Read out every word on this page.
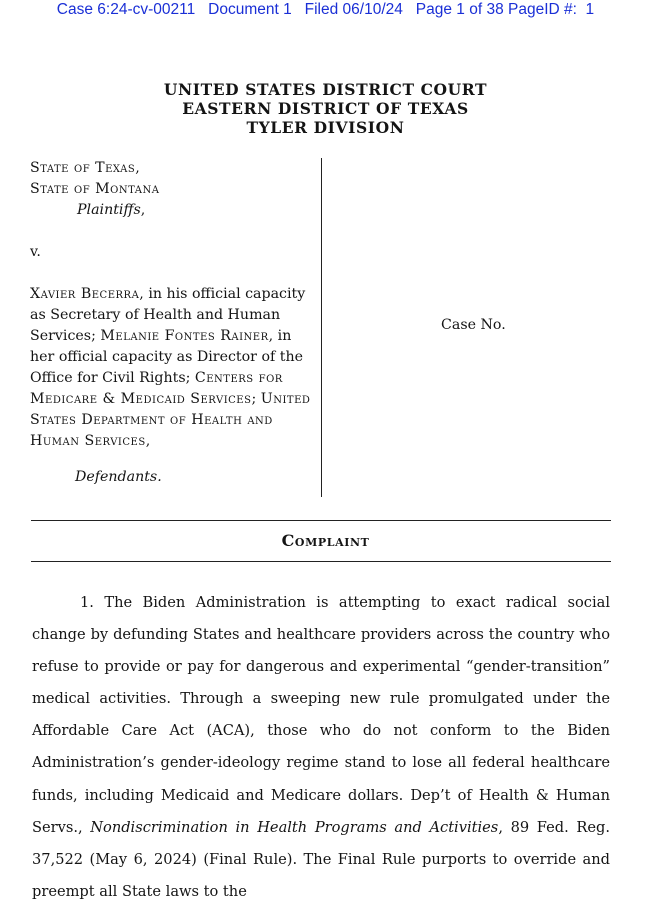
Case 6:24-cv-00211   Document 1   Filed 06/10/24   Page 1 of 38 PageID #:  1
UNITED STATES DISTRICT COURT
EASTERN DISTRICT OF TEXAS
TYLER DIVISION
State of Texas,
State of Montana
Plaintiffs,
v.
Xavier Becerra, in his official capacity as Secretary of Health and Human Services; Melanie Fontes Rainer, in her official capacity as Director of the Office for Civil Rights; Centers for Medicare & Medicaid Services; United States Department of Health and Human Services,
Defendants.
Case No.
Complaint

1. The Biden Administration is attempting to exact radical social change by defunding States and healthcare providers across the country who refuse to provide or pay for dangerous and experimental “gender-transition” medical activities. Through a sweeping new rule promulgated under the Affordable Care Act (ACA), those who do not conform to the Biden Administration’s gender-ideology regime stand to lose all federal healthcare funds, including Medicaid and Medicare dollars. Dep’t of Health & Human Servs., Nondiscrimination in Health Programs and Activities, 89 Fed. Reg. 37,522 (May 6, 2024) (Final Rule). The Final Rule purports to override and preempt all State laws to the
